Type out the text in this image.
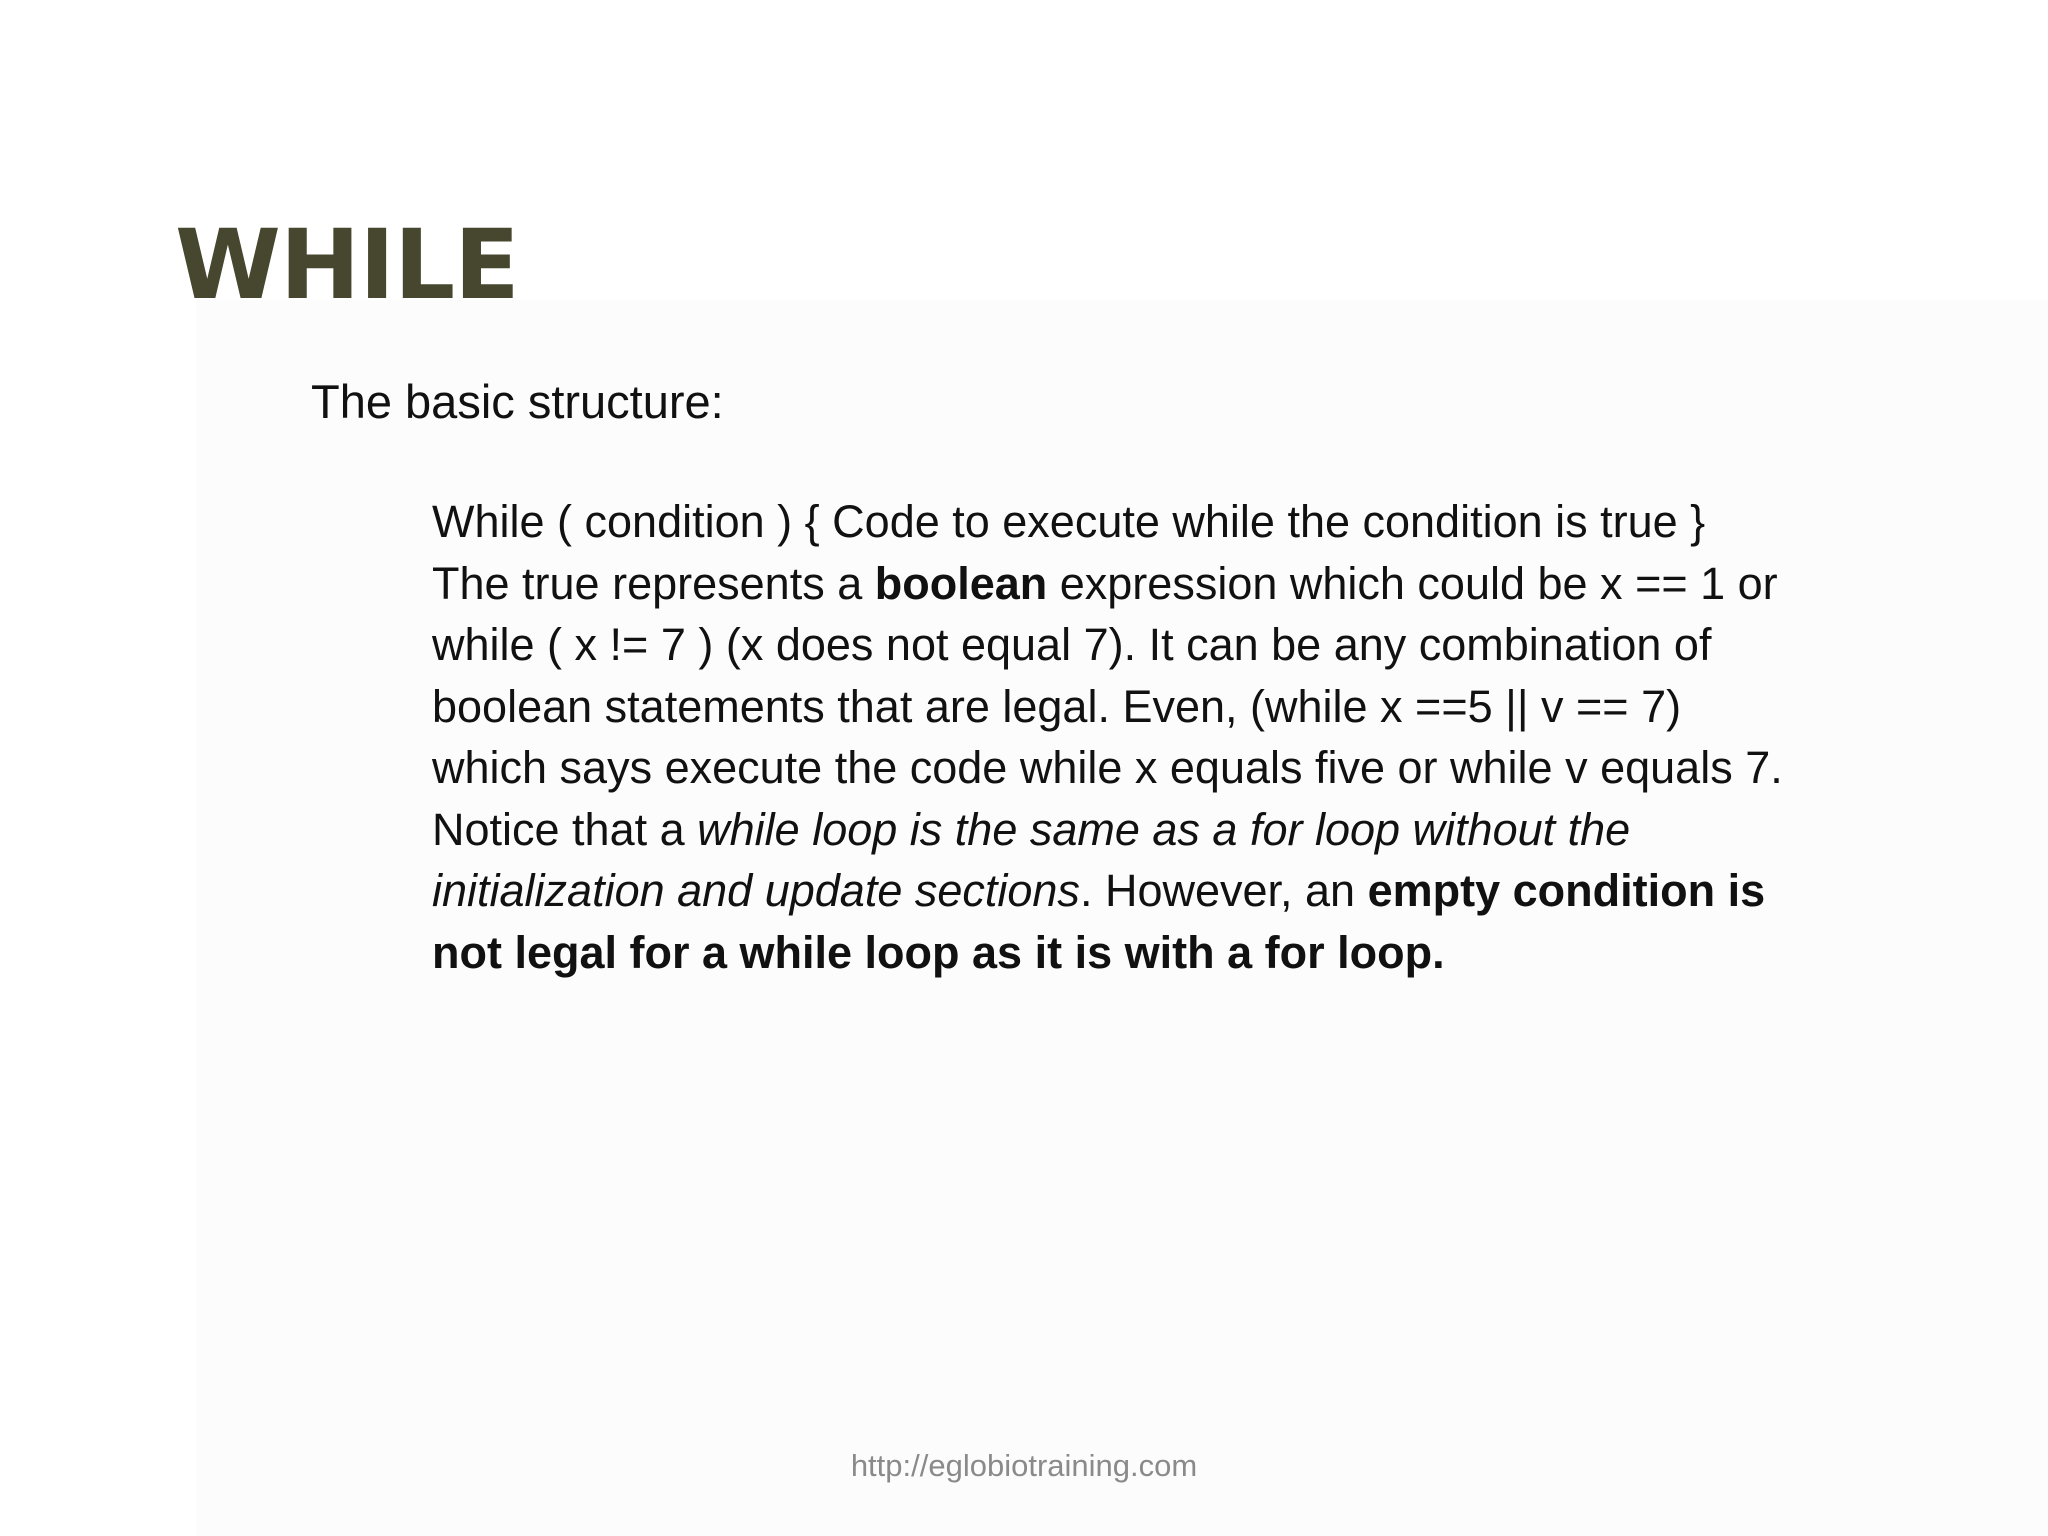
WHILE

The basic structure:

While ( condition ) { Code to execute while the condition is true }
The true represents a boolean expression which could be x == 1 or while ( x != 7 ) (x does not equal 7). It can be any combination of boolean statements that are legal. Even, (while x ==5 || v == 7) which says execute the code while x equals five or while v equals 7. Notice that a while loop is the same as a for loop without the initialization and update sections. However, an empty condition is not legal for a while loop as it is with a for loop.

http://eglobiotraining.com
